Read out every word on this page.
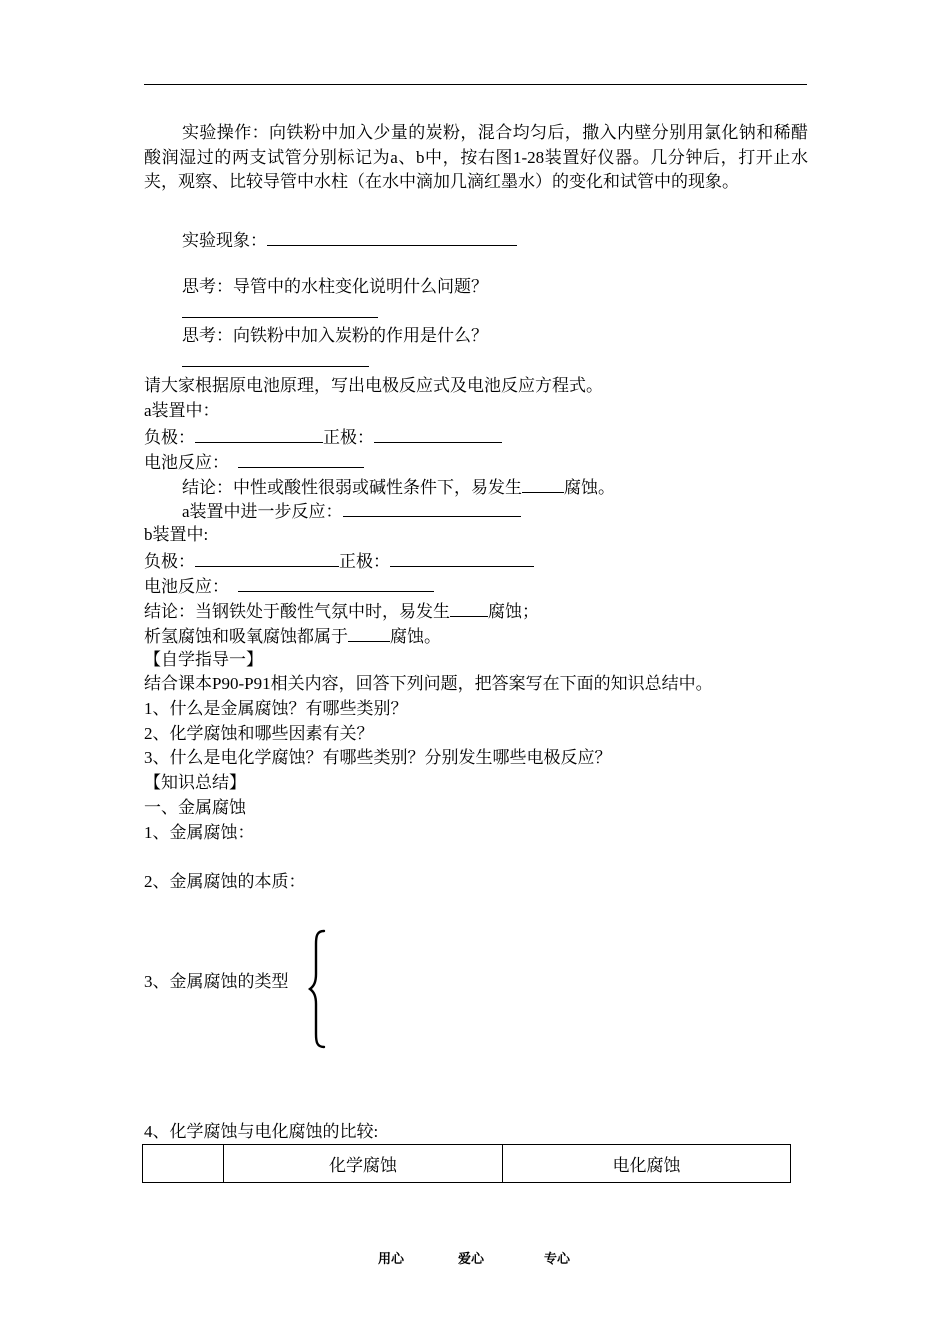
实验操作：向铁粉中加入少量的炭粉，混合均匀后，撒入内壁分别用氯化钠和稀醋酸润湿过的两支试管分别标记为a、b中，按右图1-28装置好仪器。几分钟后，打开止水夹，观察、比较导管中水柱（在水中滴加几滴红墨水）的变化和试管中的现象。
实验现象：
思考：导管中的水柱变化说明什么问题？
思考：向铁粉中加入炭粉的作用是什么？
请大家根据原电池原理，写出电极反应式及电池反应方程式。
a装置中：
负极：	正极：
电池反应：
结论：中性或酸性很弱或碱性条件下，易发生 腐蚀。
a装置中进一步反应：
b装置中:
负极：	正极：
电池反应：
结论：当钢铁处于酸性气氛中时，易发生 腐蚀；
析氢腐蚀和吸氧腐蚀都属于 腐蚀。
【自学指导一】
结合课本P90-P91相关内容，回答下列问题，把答案写在下面的知识总结中。
1、什么是金属腐蚀？有哪些类别？
2、化学腐蚀和哪些因素有关？
3、什么是电化学腐蚀？有哪些类别？分别发生哪些电极反应？
【知识总结】
一、金属腐蚀
1、金属腐蚀：
2、金属腐蚀的本质：
3、金属腐蚀的类型
4、化学腐蚀与电化腐蚀的比较:
	化学腐蚀	电化腐蚀
用心	爱心	专心
